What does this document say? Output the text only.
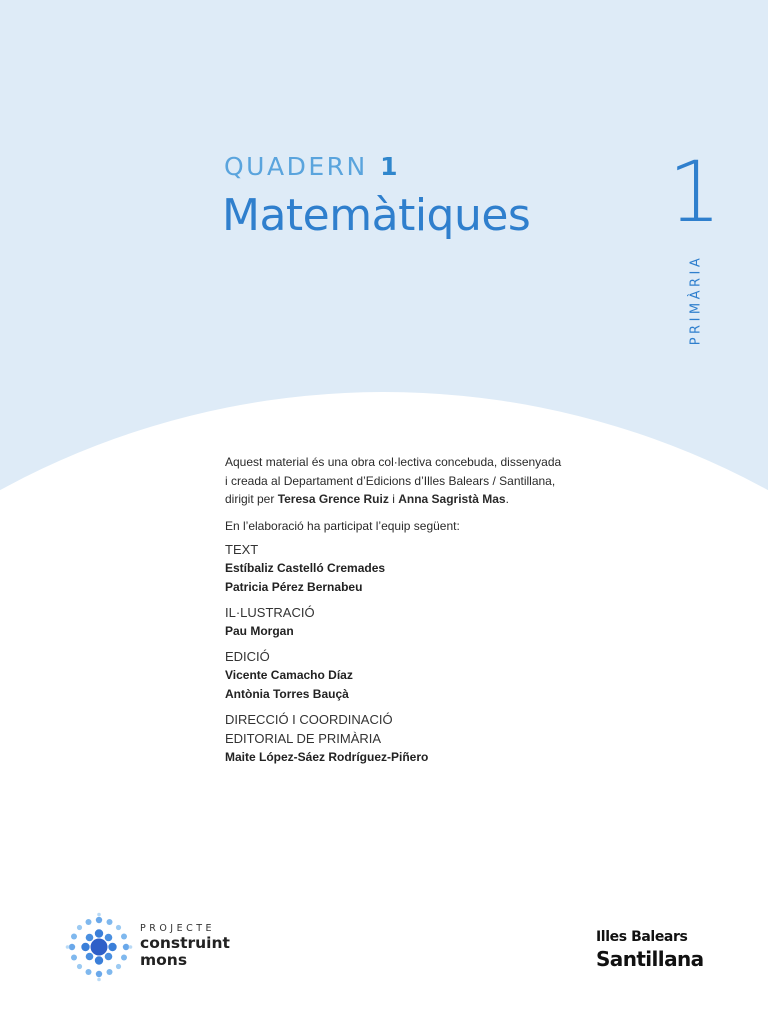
QUADERN 1
Matemàtiques 1
PRIMÀRIA

Aquest material és una obra col·lectiva concebuda, dissenyada
i creada al Departament d’Edicions d’Illes Balears / Santillana,
dirigit per Teresa Grence Ruiz i Anna Sagristà Mas.

En l’elaboració ha participat l’equip següent:

TEXT
Estíbaliz Castelló Cremades
Patricia Pérez Bernabeu
IL·LUSTRACIÓ
Pau Morgan
EDICIÓ
Vicente Camacho Díaz
Antònia Torres Bauçà
DIRECCIÓ I COORDINACIÓ
EDITORIAL DE PRIMÀRIA
Maite López-Sáez Rodríguez-Piñero
PROJECTE
construint
mons
Illes Balears
Santillana
